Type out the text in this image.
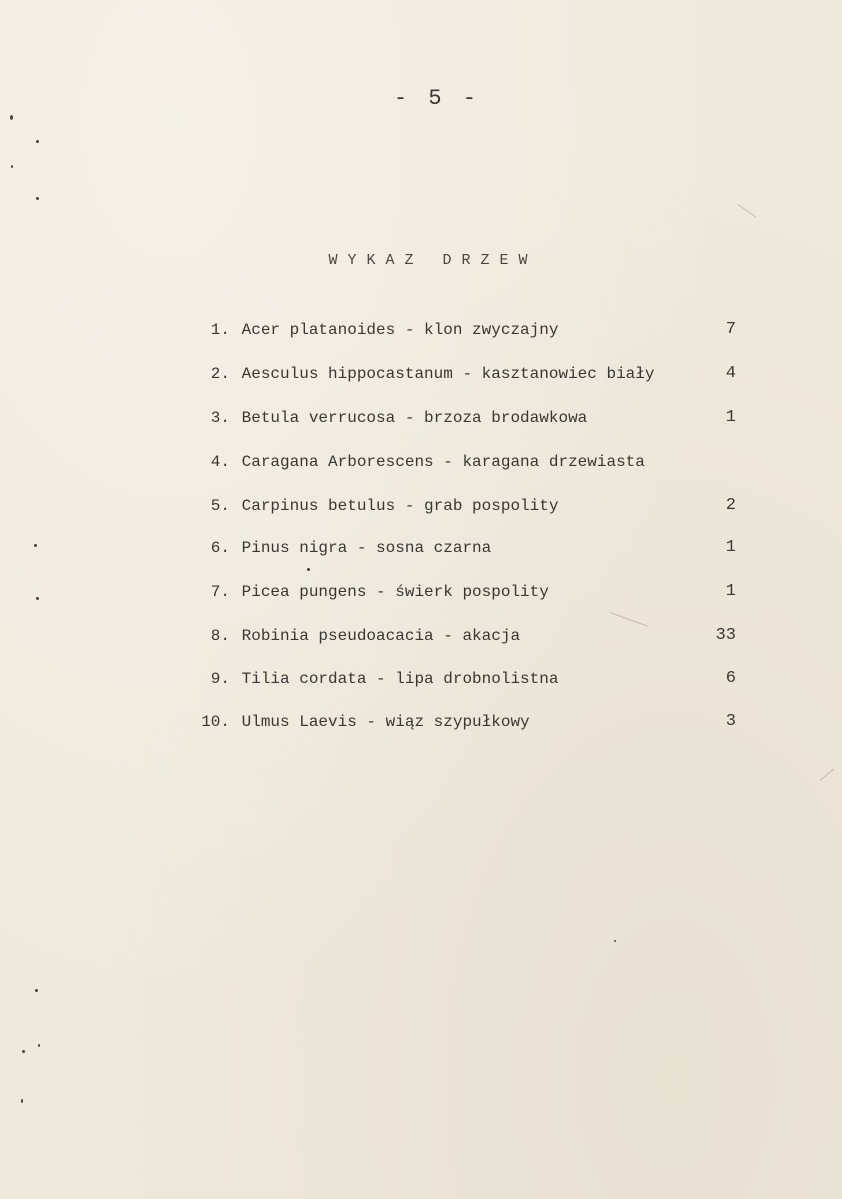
- 5 -
WYKAZ DRZEW
1. Acer platanoides - klon zwyczajny	7
2. Aesculus hippocastanum - kasztanowiec biały	4
3. Betula verrucosa - brzoza brodawkowa	1
4. Caragana Arborescens - karagana drzewiasta
5. Carpinus betulus - grab pospolity	2
6. Pinus nigra - sosna czarna	1
7. Picea pungens - świerk pospolity	1
8. Robinia pseudoacacia - akacja	33
9. Tilia cordata - lipa drobnolistna	6
10. Ulmus Laevis - wiąz szypułkowy	3
